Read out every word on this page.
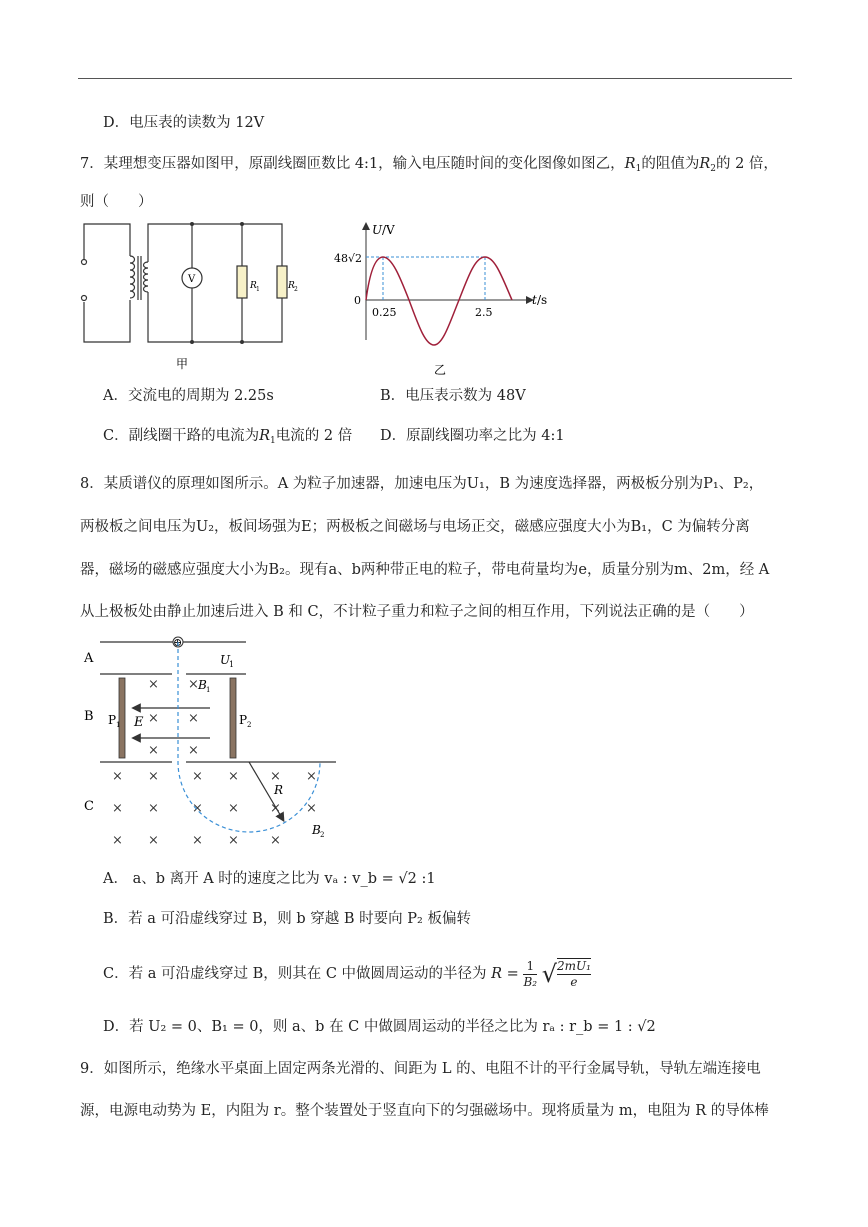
D．电压表的读数为 12V
7．某理想变压器如图甲，原副线圈匝数比 4:1，输入电压随时间的变化图像如图乙，$R_1$的阻值为$R_2$的 2 倍，
则（　　）
V
R 1	R 2
甲
U /V
48√2
0	t /s
0.25	2.5
乙
A．交流电的周期为 2.25s	B．电压表示数为 48V
C．副线圈干路的电流为$R_1$电流的 2 倍 D．原副线圈功率之比为 4:1
8．某质谱仪的原理如图所示。A 为粒子加速器，加速电压为U₁，B 为速度选择器，两极板分别为P₁、P₂，
两极板之间电压为U₂，板间场强为E；两极板之间磁场与电场正交，磁感应强度大小为B₁，C 为偏转分离
器，磁场的磁感应强度大小为B₂。现有a、b两种带正电的粒子，带电荷量均为e，质量分别为m、2m，经 A
从上极板处由静止加速后进入 B 和 C，不计粒子重力和粒子之间的相互作用，下列说法正确的是（　　）
⊕
A	U
1
B P 1	P 2
E
× ×
× ×
× ×
B 1
C
× ×	× × × ×
× ×	× × × ×
× ×	× × ×
R
B 2
A． a、b 离开 A 时的速度之比为 vₐ : v_b = √2 :1
B．若 a 可沿虚线穿过 B，则 b 穿越 B 时要向 P₂ 板偏转
C．若 a 可沿虚线穿过 B，则其在 C 中做圆周运动的半径为 $R = \frac{1}{\text{B₂}}$ √ $\frac{\text{2mU₁}}{e}$
D．若 U₂ = 0、B₁ = 0，则 a、b 在 C 中做圆周运动的半径之比为 rₐ : r_b = 1 : √2
9．如图所示，绝缘水平桌面上固定两条光滑的、间距为 L 的、电阻不计的平行金属导轨，导轨左端连接电
源，电源电动势为 E，内阻为 r。整个装置处于竖直向下的匀强磁场中。现将质量为 m，电阻为 R 的导体棒
